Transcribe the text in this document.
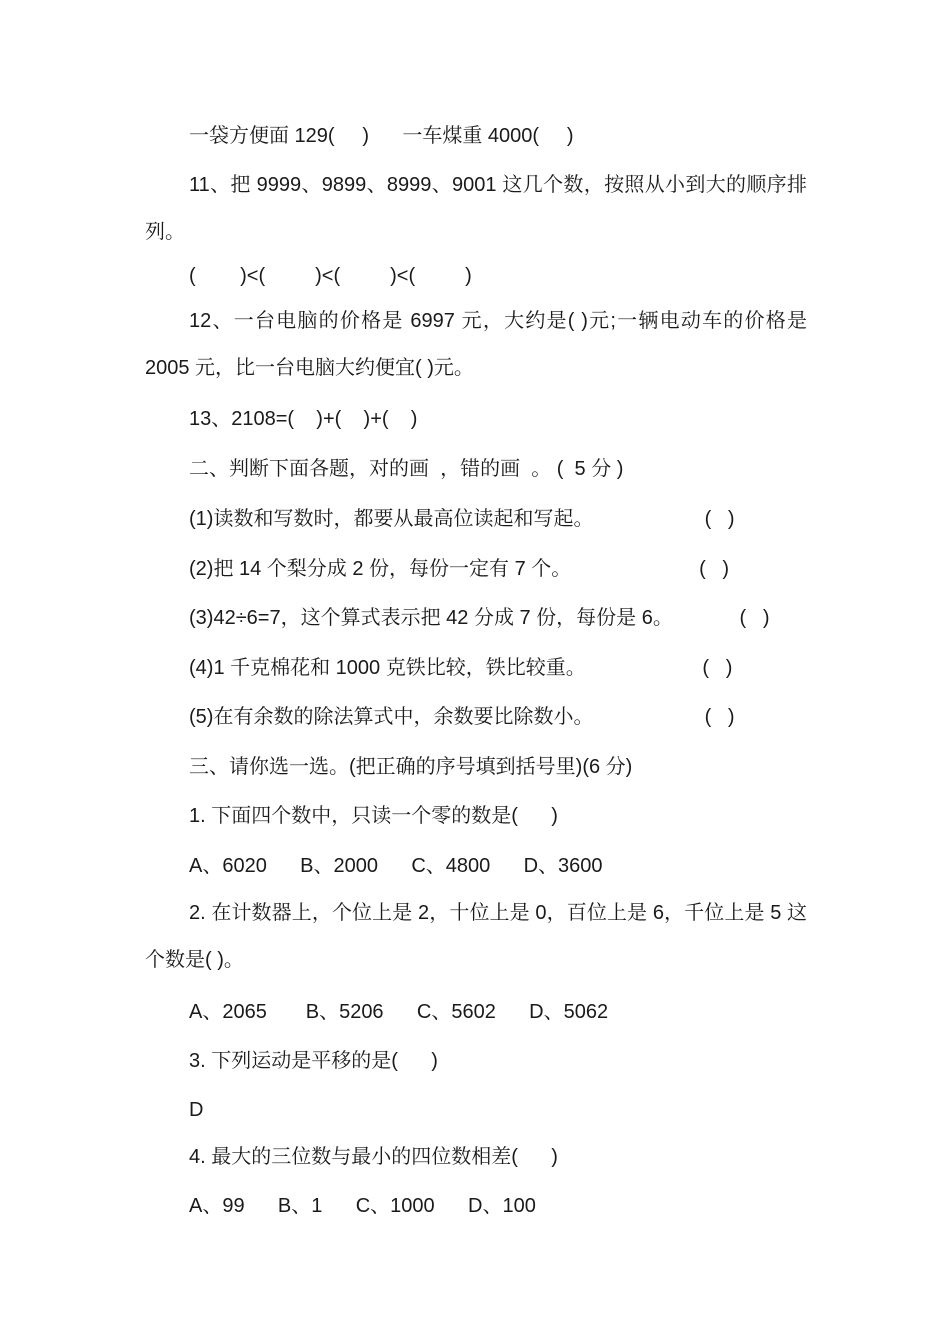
一袋方便面 129(     )      一车煤重 4000(     )
11、把 9999、9899、8999、9001 这几个数，按照从小到大的顺序排列。
(        )<(         )<(         )<(         )
12、一台电脑的价格是 6997 元，大约是( )元;一辆电动车的价格是 2005 元，比一台电脑大约便宜( )元。
13、2108=(    )+(    )+(    )
二、判断下面各题，对的画  ，错的画  。 (  5 分 )
(1)读数和写数时，都要从最高位读起和写起。                    (   )
(2)把 14 个梨分成 2 份，每份一定有 7 个。                       (   )
(3)42÷6=7，这个算式表示把 42 分成 7 份，每份是 6。            (   )
(4)1 千克棉花和 1000 克铁比较，铁比较重。                     (   )
(5)在有余数的除法算式中，余数要比除数小。                    (   )
三、请你选一选。(把正确的序号填到括号里)(6 分)
1. 下面四个数中，只读一个零的数是(      )
A、6020      B、2000      C、4800      D、3600
2. 在计数器上，个位上是 2，十位上是 0，百位上是 6，千位上是 5 这个数是( )。
A、2065       B、5206      C、5602      D、5062
3. 下列运动是平移的是(      )
D
4. 最大的三位数与最小的四位数相差(      )
A、99      B、1      C、1000      D、100
